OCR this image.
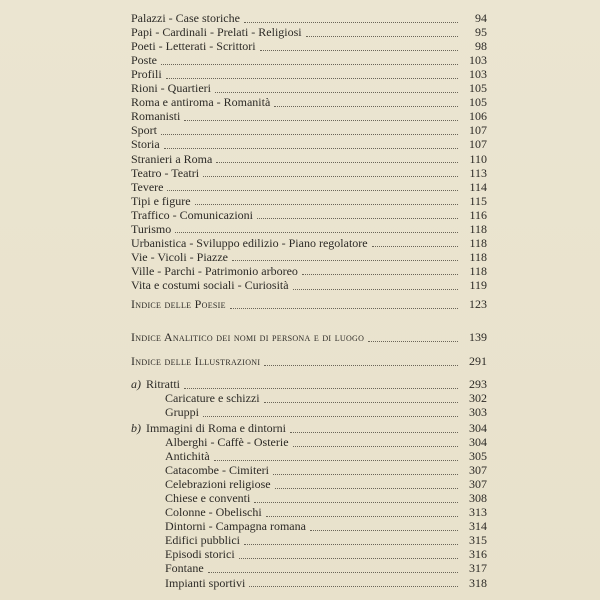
Palazzi - Case storiche	94
Papi - Cardinali - Prelati - Religiosi	95
Poeti - Letterati - Scrittori	98
Poste	103
Profili	103
Rioni - Quartieri	105
Roma e antiroma - Romanità	105
Romanisti	106
Sport	107
Storia	107
Stranieri a Roma	110
Teatro - Teatri	113
Tevere	114
Tipi e figure	115
Traffico - Comunicazioni	116
Turismo	118
Urbanistica - Sviluppo edilizio - Piano regolatore	118
Vie - Vicoli - Piazze	118
Ville - Parchi - Patrimonio arboreo	118
Vita e costumi sociali - Curiosità	119
Indice delle Poesie	123
Indice Analitico dei nomi di persona e di luogo	139
Indice delle Illustrazioni	291
a) Ritratti	293
Caricature e schizzi	302
Gruppi	303
b) Immagini di Roma e dintorni	304
Alberghi - Caffè - Osterie	304
Antichità	305
Catacombe - Cimiteri	307
Celebrazioni religiose	307
Chiese e conventi	308
Colonne - Obelischi	313
Dintorni - Campagna romana	314
Edifici pubblici	315
Episodi storici	316
Fontane	317
Impianti sportivi	318
